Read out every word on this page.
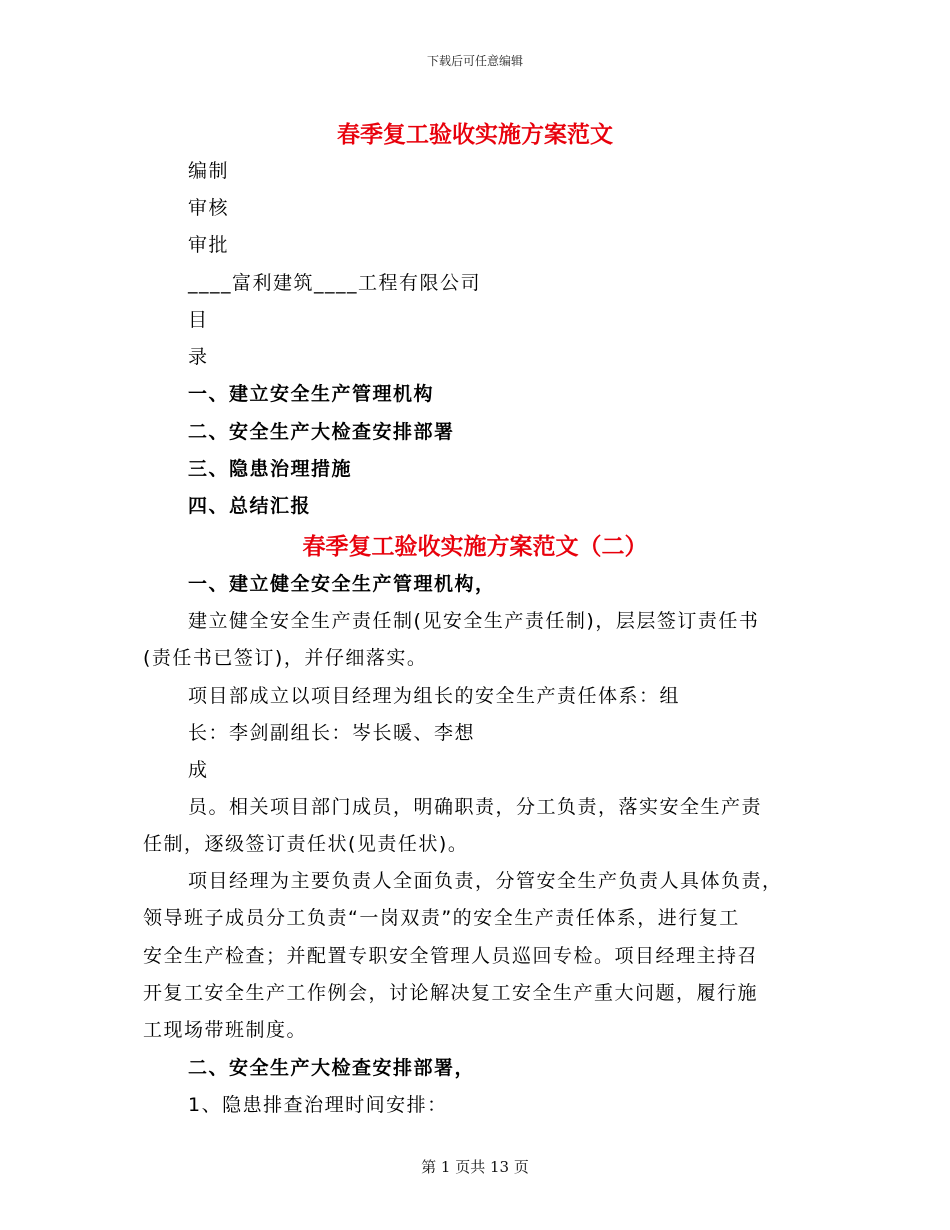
下载后可任意编辑
春季复工验收实施方案范文
编制
审核
审批
____富利建筑____工程有限公司
目
录
一、建立安全生产管理机构
二、安全生产大检查安排部署
三、隐患治理措施
四、总结汇报
春季复工验收实施方案范文（二）
一、建立健全安全生产管理机构，
建立健全安全生产责任制(见安全生产责任制)，层层签订责任书
(责任书已签订)，并仔细落实。
项目部成立以项目经理为组长的安全生产责任体系：组
长：李剑副组长：岑长暖、李想
成
员。相关项目部门成员，明确职责，分工负责，落实安全生产责
任制，逐级签订责任状(见责任状)。
项目经理为主要负责人全面负责，分管安全生产负责人具体负责，
领导班子成员分工负责“一岗双责”的安全生产责任体系，进行复工
安全生产检查；并配置专职安全管理人员巡回专检。项目经理主持召
开复工安全生产工作例会，讨论解决复工安全生产重大问题，履行施
工现场带班制度。
二、安全生产大检查安排部署，
1、隐患排查治理时间安排：
第 1 页共 13 页
